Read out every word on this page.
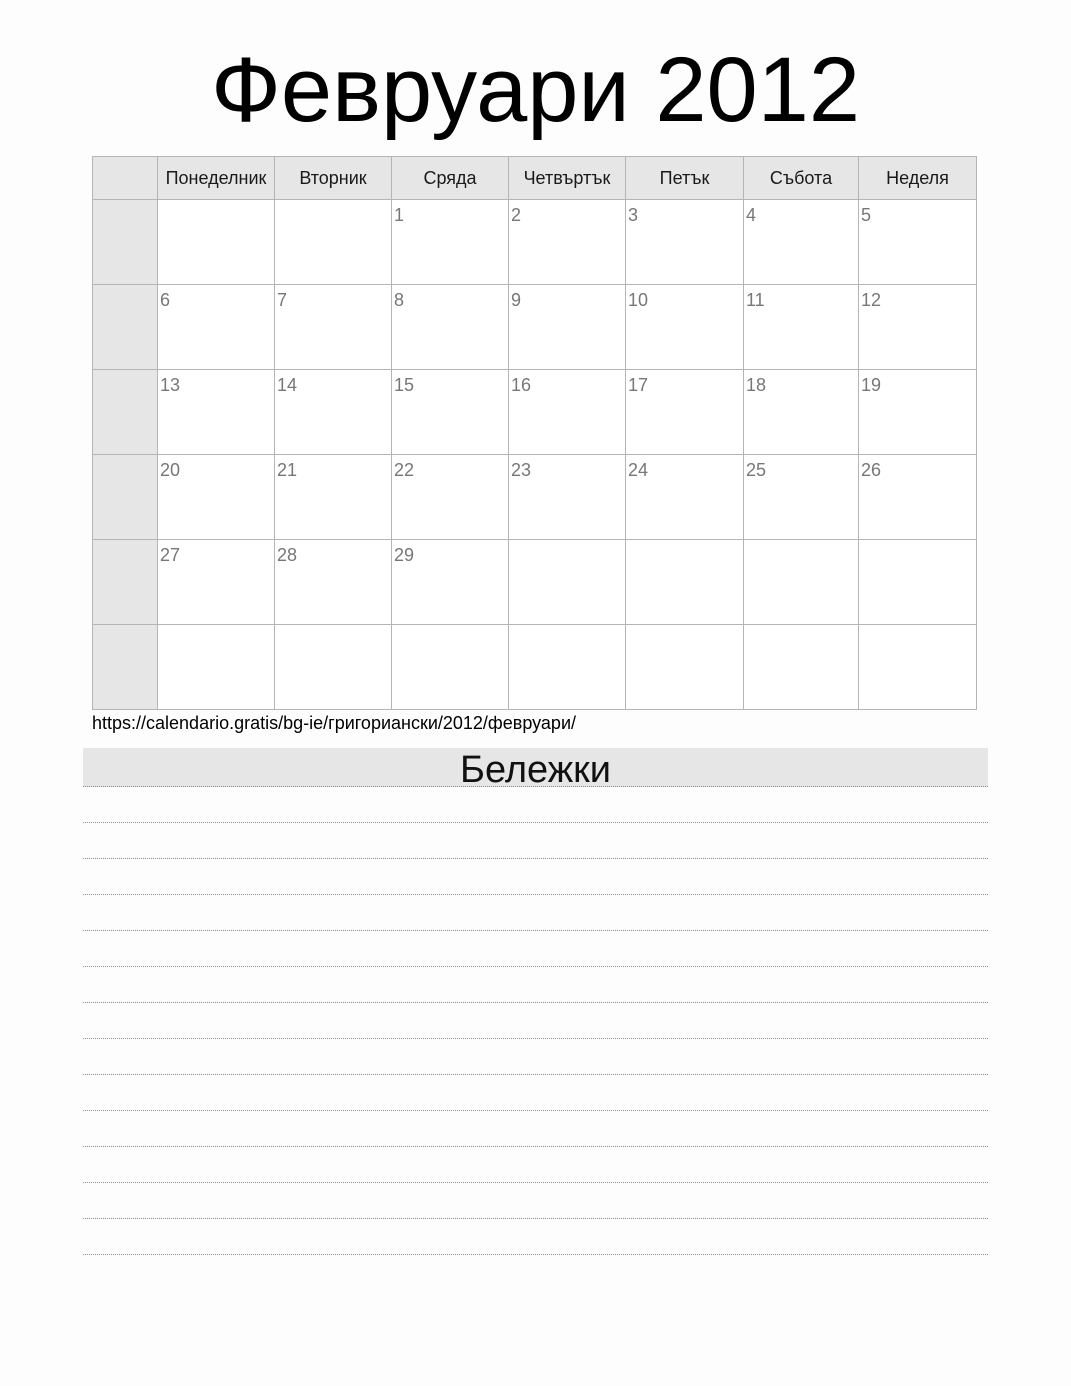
Февруари 2012
	Понеделник	Вторник	Сряда	Четвъртък	Петък	Събота	Неделя

			1	2	3	4	5

	6	7	8	9	10	11	12

	13	14	15	16	17	18	19

	20	21	22	23	24	25	26

	27	28	29				

https://calendario.gratis/bg-ie/григориански/2012/февруари/
Бележки
